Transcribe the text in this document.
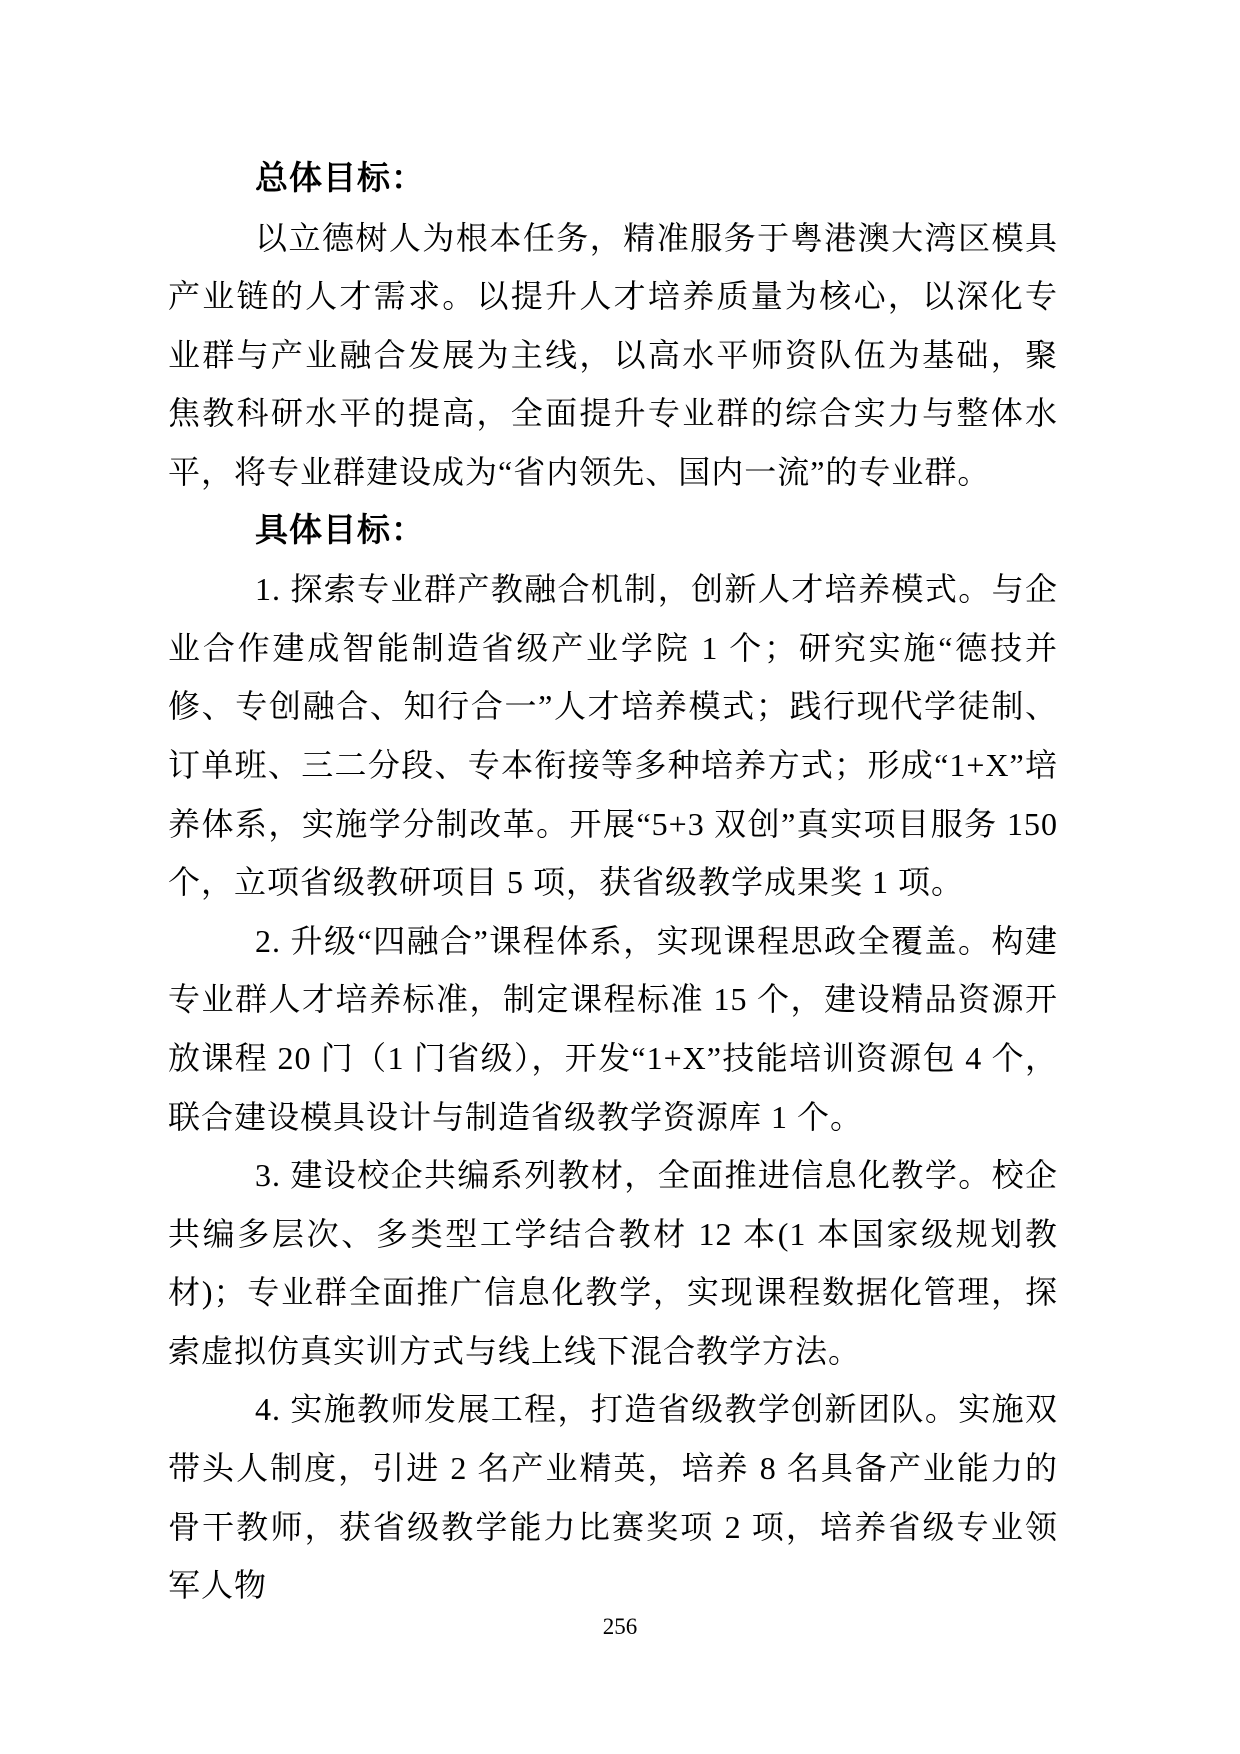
总体目标：

以立德树人为根本任务，精准服务于粤港澳大湾区模具产业链的人才需求。以提升人才培养质量为核心，以深化专业群与产业融合发展为主线，以高水平师资队伍为基础，聚焦教科研水平的提高，全面提升专业群的综合实力与整体水平，将专业群建设成为“省内领先、国内一流”的专业群。

具体目标：

1. 探索专业群产教融合机制，创新人才培养模式。与企业合作建成智能制造省级产业学院 1 个；研究实施“德技并修、专创融合、知行合一”人才培养模式；践行现代学徒制、订单班、三二分段、专本衔接等多种培养方式；形成“1+X”培养体系，实施学分制改革。开展“5+3 双创”真实项目服务 150 个，立项省级教研项目 5 项，获省级教学成果奖 1 项。

2. 升级“四融合”课程体系，实现课程思政全覆盖。构建专业群人才培养标准，制定课程标准 15 个，建设精品资源开放课程 20 门（1 门省级），开发“1+X”技能培训资源包 4 个，联合建设模具设计与制造省级教学资源库 1 个。

3. 建设校企共编系列教材，全面推进信息化教学。校企共编多层次、多类型工学结合教材 12 本(1 本国家级规划教材)；专业群全面推广信息化教学，实现课程数据化管理，探索虚拟仿真实训方式与线上线下混合教学方法。

4. 实施教师发展工程，打造省级教学创新团队。实施双带头人制度，引进 2 名产业精英，培养 8 名具备产业能力的骨干教师，获省级教学能力比赛奖项 2 项，培养省级专业领军人物

256
